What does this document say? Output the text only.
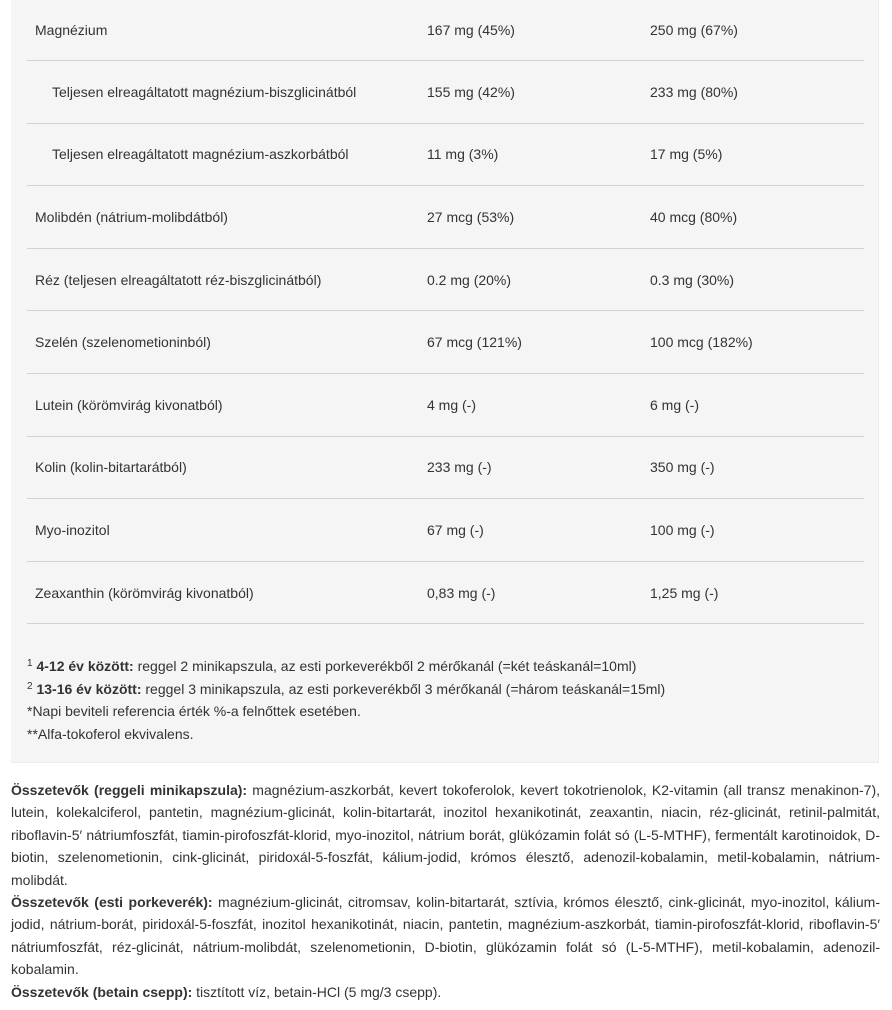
Magnézium	167 mg (45%)	250 mg (67%)
Teljesen elreagáltatott magnézium-biszglicinátból	155 mg (42%)	233 mg (80%)
Teljesen elreagáltatott magnézium-aszkorbátból	11 mg (3%)	17 mg (5%)
Molibdén (nátrium-molibdátból)	27 mcg (53%)	40 mcg (80%)
Réz (teljesen elreagáltatott réz-biszglicinátból)	0.2 mg (20%)	0.3 mg (30%)
Szelén (szelenometioninból)	67 mcg (121%)	100 mcg (182%)
Lutein (körömvirág kivonatból)	4 mg (-)	6 mg (-)
Kolin (kolin-bitartarátból)	233 mg (-)	350 mg (-)
Myo-inozitol	67 mg (-)	100 mg (-)
Zeaxanthin (körömvirág kivonatból)	0,83 mg (-)	1,25 mg (-)
$^1$ 4-12 év között: reggel 2 minikapszula, az esti porkeverékből 2 mérőkanál (=két teáskanál=10ml)
$^2$ 13-16 év között: reggel 3 minikapszula, az esti porkeverékből 3 mérőkanál (=három teáskanál=15ml)
*Napi beviteli referencia érték %-a felnőttek esetében.
**Alfa-tokoferol ekvivalens.

Összetevők (reggeli minikapszula): magnézium-aszkorbát, kevert tokoferolok, kevert tokotrienolok, K2-vitamin (all transz menakinon-7), lutein, kolekalciferol, pantetin, magnézium-glicinát, kolin-bitartarát, inozitol hexanikotinát, zeaxantin, niacin, réz-glicinát, retinil-palmitát, riboflavin-5′ nátriumfoszfát, tiamin-pirofoszfát-klorid, myo-inozitol, nátrium borát, glükózamin folát só (L-5-MTHF), fermentált karotinoidok, D-biotin, szelenometionin, cink-glicinát, piridoxál-5-foszfát, kálium-jodid, krómos élesztő, adenozil-kobalamin, metil-kobalamin, nátrium-molibdát.

Összetevők (esti porkeverék): magnézium-glicinát, citromsav, kolin-bitartarát, sztívia, krómos élesztő, cink-glicinát, myo-inozitol, kálium-jodid, nátrium-borát, piridoxál-5-foszfát, inozitol hexanikotinát, niacin, pantetin, magnézium-aszkorbát, tiamin-pirofoszfát-klorid, riboflavin-5′ nátriumfoszfát, réz-glicinát, nátrium-molibdát, szelenometionin, D-biotin, glükózamin folát só (L-5-MTHF), metil-kobalamin, adenozil-kobalamin.

Összetevők (betain csepp): tisztított víz, betain-HCl (5 mg/3 csepp).
